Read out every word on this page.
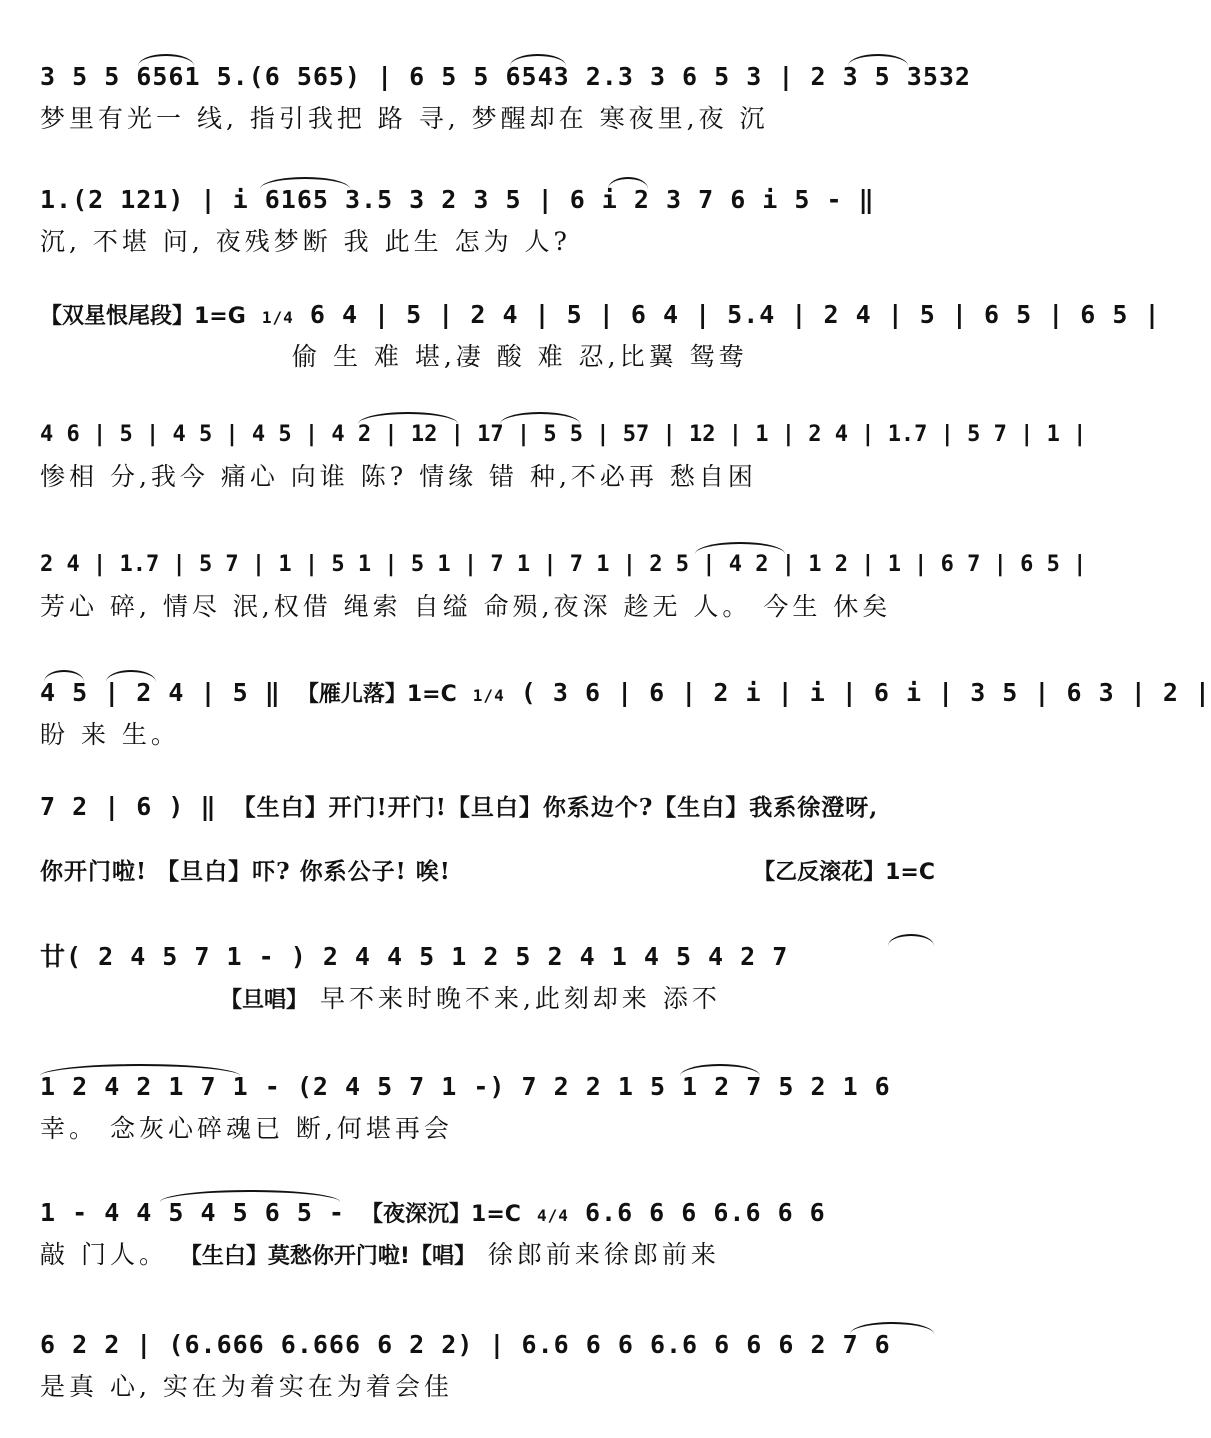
3 5 5 6561 5.(6 565) | 6 5 5 6543 2.3 3 6 5 3 | 2 3 5 3532
梦里有光一 线, 指引我把 路 寻, 梦醒却在 寒夜里,夜 沉
1.(2 121) | i 6165 3.5 3 2 3 5 | 6 i 2 3 7 6 i 5 - ‖
沉, 不堪 问, 夜残梦断 我 此生 怎为 人?
【双星恨尾段】1=G 1/4 6 4 | 5 | 2 4 | 5 | 6 4 | 5.4 | 2 4 | 5 | 6 5 | 6 5 |
偷 生 难 堪,凄 酸 难 忍,比翼 鸳鸯
4 6 | 5 | 4 5 | 4 5 | 4 2 | 12 | 17 | 5 5 | 57 | 12 | 1 | 2 4 | 1.7 | 5 7 | 1 |
惨相 分,我今 痛心 向谁 陈? 情缘 错 种,不必再 愁自困
2 4 | 1.7 | 5 7 | 1 | 5 1 | 5 1 | 7 1 | 7 1 | 2 5 | 4 2 | 1 2 | 1 | 6 7 | 6 5 |
芳心 碎, 情尽 泯,权借 绳索 自缢 命殒,夜深 趁无 人。 今生 休矣
4 5 | 2 4 | 5 ‖ 【雁儿落】1=C 1/4 ( 3 6 | 6 | 2 i | i | 6 i | 3 5 | 6 3 | 2 |
盼 来 生。
7 2 | 6 ) ‖ 【生白】开门!开门!【旦白】你系边个?【生白】我系徐澄呀,
你开门啦! 【旦白】吓? 你系公子! 唉!	【乙反滚花】1=C
廿( 2 4 5 7 1 - ) 2 4 4 5 1 2 5 2 4 1 4 5 4 2 7
【旦唱】 早不来时晚不来,此刻却来 添不
1 2 4 2 1 7 1 - (2 4 5 7 1 -) 7 2 2 1 5 1 2 7 5 2 1 6
幸。 念灰心碎魂已 断,何堪再会
1 - 4 4 5 4 5 6 5 - 【夜深沉】1=C 4/4 6.6 6 6 6.6 6 6
敲 门人。 【生白】莫愁你开门啦!【唱】 徐郎前来徐郎前来
6 2 2 | (6.666 6.666 6 2 2) | 6.6 6 6 6.6 6 6 6 2 7 6
是真 心, 实在为着实在为着会佳
